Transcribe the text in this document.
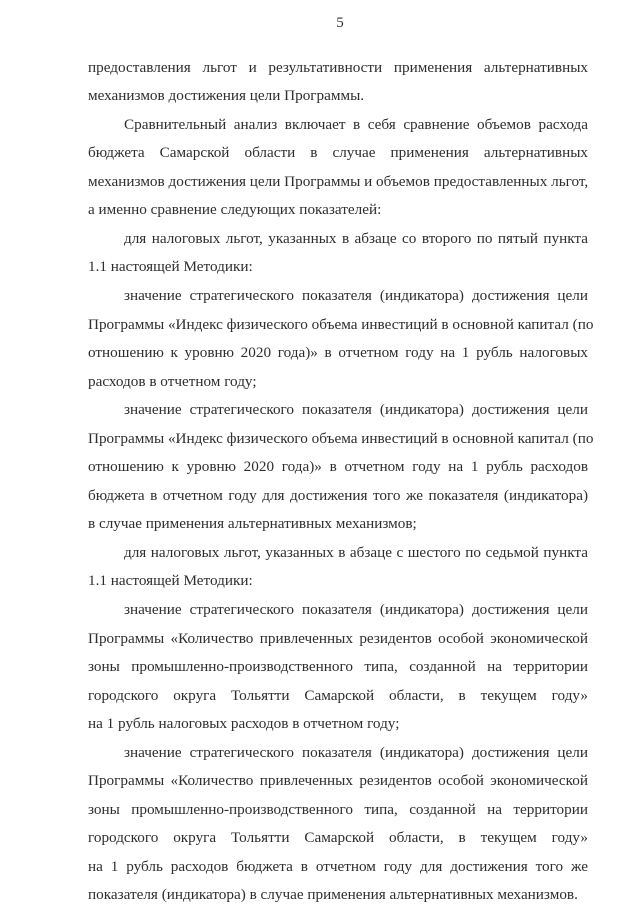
5
предоставления льгот и результативности применения альтернативных
механизмов достижения цели Программы.
Сравнительный анализ включает в себя сравнение объемов расхода
бюджета Самарской области в случае применения альтернативных
механизмов достижения цели Программы и объемов предоставленных льгот,
а именно сравнение следующих показателей:
для налоговых льгот, указанных в абзаце со второго по пятый пункта
1.1 настоящей Методики:
значение стратегического показателя (индикатора) достижения цели
Программы «Индекс физического объема инвестиций в основной капитал (по
отношению к уровню 2020 года)» в отчетном году на 1 рубль налоговых
расходов в отчетном году;
значение стратегического показателя (индикатора) достижения цели
Программы «Индекс физического объема инвестиций в основной капитал (по
отношению к уровню 2020 года)» в отчетном году на 1 рубль расходов
бюджета в отчетном году для достижения того же показателя (индикатора)
в случае применения альтернативных механизмов;
для налоговых льгот, указанных в абзаце с шестого по седьмой пункта
1.1 настоящей Методики:
значение стратегического показателя (индикатора) достижения цели
Программы «Количество привлеченных резидентов особой экономической
зоны промышленно-производственного типа, созданной на территории
городского округа Тольятти Самарской области, в текущем году»
на 1 рубль налоговых расходов в отчетном году;
значение стратегического показателя (индикатора) достижения цели
Программы «Количество привлеченных резидентов особой экономической
зоны промышленно-производственного типа, созданной на территории
городского округа Тольятти Самарской области, в текущем году»
на 1 рубль расходов бюджета в отчетном году для достижения того же
показателя (индикатора) в случае применения альтернативных механизмов.
